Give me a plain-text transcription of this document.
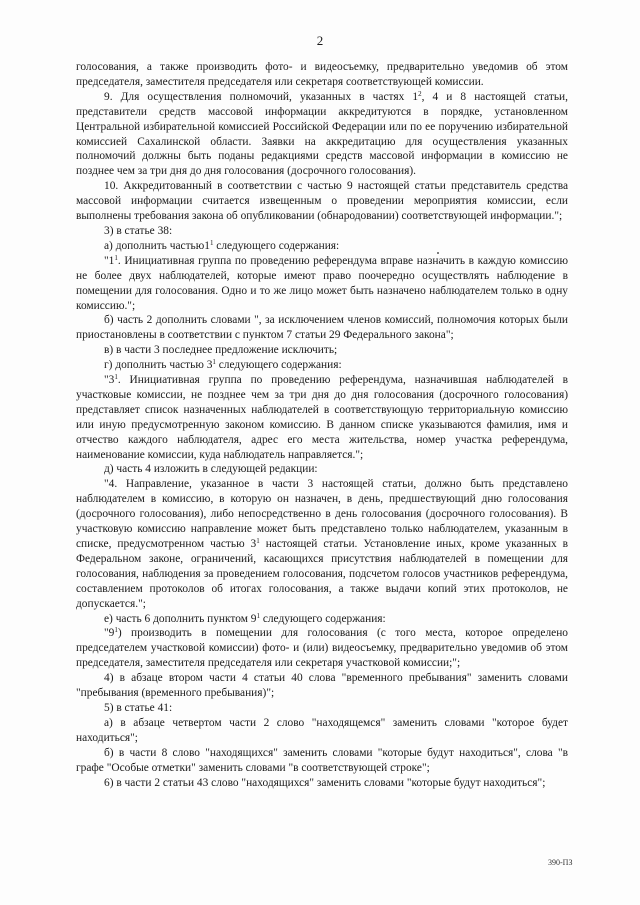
2

голосования, а также производить фото- и видеосъемку, предварительно уведомив об этом председателя, заместителя председателя или секретаря соответствующей комиссии.

9. Для осуществления полномочий, указанных в частях $1^2$, 4 и 8 настоящей статьи, представители средств массовой информации аккредитуются в порядке, установленном Центральной избирательной комиссией Российской Федерации или по ее поручению избирательной комиссией Сахалинской области. Заявки на аккредитацию для осуществления указанных полномочий должны быть поданы редакциями средств массовой информации в комиссию не позднее чем за три дня до дня голосования (досрочного голосования).

10. Аккредитованный в соответствии с частью 9 настоящей статьи представитель средства массовой информации считается извещенным о проведении мероприятия комиссии, если выполнены требования закона об опубликовании (обнародовании) соответствующей информации.";

3) в статье 38:

а) дополнить $частью1^1$ следующего содержания:

"$1^1$. Инициативная группа по проведению референдума вправе назначить в каждую комиссию не более двух наблюдателей, которые имеют право поочередно осуществлять наблюдение в помещении для голосования. Одно и то же лицо может быть назначено наблюдателем только в одну комиссию.";

б) часть 2 дополнить словами ", за исключением членов комиссий, полномочия которых были приостановлены в соответствии с пунктом 7 статьи 29 Федерального закона";

в) в части 3 последнее предложение исключить;

г) дополнить частью $3^1$ следующего содержания:

"$3^1$. Инициативная группа по проведению референдума, назначившая наблюдателей в участковые комиссии, не позднее чем за три дня до дня голосования (досрочного голосования) представляет список назначенных наблюдателей в соответствующую территориальную комиссию или иную предусмотренную законом комиссию. В данном списке указываются фамилия, имя и отчество каждого наблюдателя, адрес его места жительства, номер участка референдума, наименование комиссии, куда наблюдатель направляется.";

д) часть 4 изложить в следующей редакции:

"4. Направление, указанное в части 3 настоящей статьи, должно быть представлено наблюдателем в комиссию, в которую он назначен, в день, предшествующий дню голосования (досрочного голосования), либо непосредственно в день голосования (досрочного голосования). В участковую комиссию направление может быть представлено только наблюдателем, указанным в списке, предусмотренном частью $3^1$ настоящей статьи. Установление иных, кроме указанных в Федеральном законе, ограничений, касающихся присутствия наблюдателей в помещении для голосования, наблюдения за проведением голосования, подсчетом голосов участников референдума, составлением протоколов об итогах голосования, а также выдачи копий этих протоколов, не допускается.";

е) часть 6 дополнить пунктом $9^1$ следующего содержания:

"$9^1$) производить в помещении для голосования (с того места, которое определено председателем участковой комиссии) фото- и (или) видеосъемку, предварительно уведомив об этом председателя, заместителя председателя или секретаря участковой комиссии;";

4) в абзаце втором части 4 статьи 40 слова "временного пребывания" заменить словами "пребывания (временного пребывания)";

5) в статье 41:

а) в абзаце четвертом части 2 слово "находящемся" заменить словами "которое будет находиться";

б) в части 8 слово "находящихся" заменить словами "которые будут находиться", слова "в графе "Особые отметки" заменить словами "в соответствующей строке";

6) в части 2 статьи 43 слово "находящихся" заменить словами "которые будут находиться";

390-ПЗ
